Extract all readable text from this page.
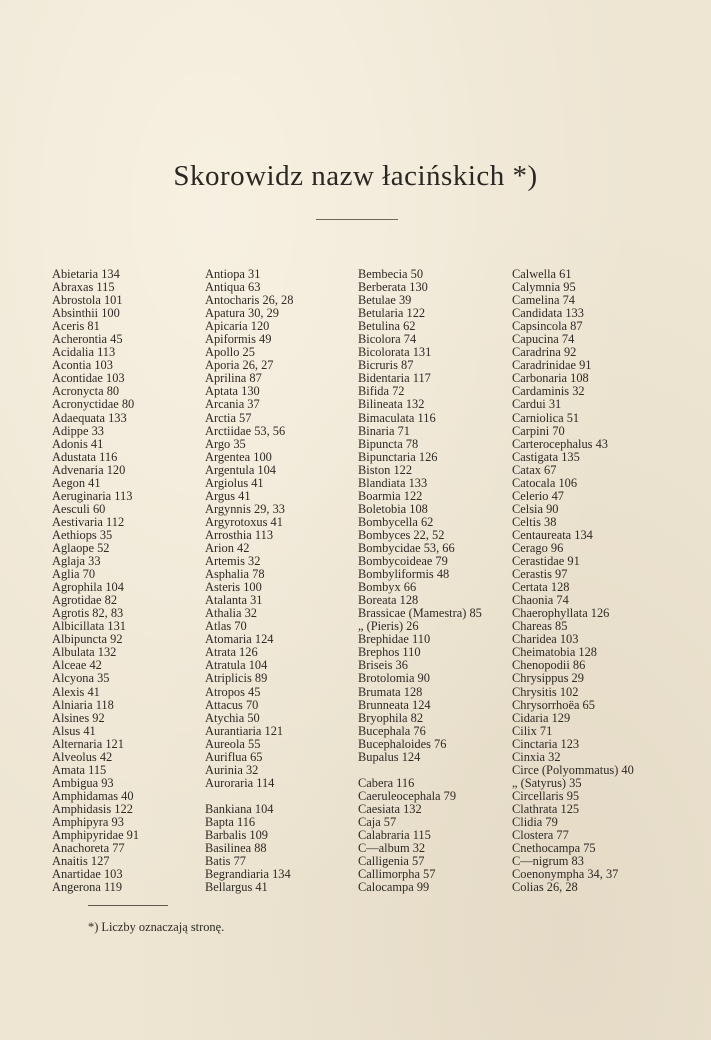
Skorowidz nazw łacińskich *)
Abietaria 134
Abraxas 115
Abrostola 101
Absinthii 100
Aceris 81
Acherontia 45
Acidalia 113
Acontia 103
Acontidae 103
Acronycta 80
Acronyctidae 80
Adaequata 133
Adippe 33
Adonis 41
Adustata 116
Advenaria 120
Aegon 41
Aeruginaria 113
Aesculi 60
Aestivaria 112
Aethiops 35
Aglaope 52
Aglaja 33
Aglia 70
Agrophila 104
Agrotidae 82
Agrotis 82, 83
Albicillata 131
Albipuncta 92
Albulata 132
Alceae 42
Alcyona 35
Alexis 41
Alniaria 118
Alsines 92
Alsus 41
Alternaria 121
Alveolus 42
Amata 115
Ambigua 93
Amphidamas 40
Amphidasis 122
Amphipyra 93
Amphipyridae 91
Anachoreta 77
Anaitis 127
Anartidae 103
Angerona 119
Antiopa 31
Antiqua 63
Antocharis 26, 28
Apatura 30, 29
Apicaria 120
Apiformis 49
Apollo 25
Aporia 26, 27
Aprilina 87
Aptata 130
Arcania 37
Arctia 57
Arctiidae 53, 56
Argo 35
Argentea 100
Argentula 104
Argiolus 41
Argus 41
Argynnis 29, 33
Argyrotoxus 41
Arrosthia 113
Arion 42
Artemis 32
Asphalia 78
Asteris 100
Atalanta 31
Athalia 32
Atlas 70
Atomaria 124
Atrata 126
Atratula 104
Atriplicis 89
Atropos 45
Attacus 70
Atychia 50
Aurantiaria 121
Aureola 55
Auriflua 65
Aurinia 32
Auroraria 114
Bankiana 104
Bapta 116
Barbalis 109
Basilinea 88
Batis 77
Begrandiaria 134
Bellargus 41
Bembecia 50
Berberata 130
Betulae 39
Betularia 122
Betulina 62
Bicolora 74
Bicolorata 131
Bicruris 87
Bidentaria 117
Bifida 72
Bilineata 132
Bimaculata 116
Binaria 71
Bipuncta 78
Bipunctaria 126
Biston 122
Blandiata 133
Boarmia 122
Boletobia 108
Bombycella 62
Bombyces 22, 52
Bombycidae 53, 66
Bombycoideae 79
Bombyliformis 48
Bombyx 66
Boreata 128
Brassicae (Mamestra) 85
„ (Pieris) 26
Brephidae 110
Brephos 110
Briseis 36
Brotolomia 90
Brumata 128
Brunneata 124
Bryophila 82
Bucephala 76
Bucephaloides 76
Bupalus 124
Cabera 116
Caeruleocephala 79
Caesiata 132
Caja 57
Calabraria 115
C—album 32
Calligenia 57
Callimorpha 57
Calocampa 99
Calwella 61
Calymnia 95
Camelina 74
Candidata 133
Capsincola 87
Capucina 74
Caradrina 92
Caradrinidae 91
Carbonaria 108
Cardaminis 32
Cardui 31
Carniolica 51
Carpini 70
Carterocephalus 43
Castigata 135
Catax 67
Catocala 106
Celerio 47
Celsia 90
Celtis 38
Centaureata 134
Cerago 96
Cerastidae 91
Cerastis 97
Certata 128
Chaonia 74
Chaerophyllata 126
Chareas 85
Charidea 103
Cheimatobia 128
Chenopodii 86
Chrysippus 29
Chrysitis 102
Chrysorrhoëa 65
Cidaria 129
Cilix 71
Cinctaria 123
Cinxia 32
Circe (Polyommatus) 40
„ (Satyrus) 35
Circellaris 95
Clathrata 125
Clidia 79
Clostera 77
Cnethocampa 75
C—nigrum 83
Coenonympha 34, 37
Colias 26, 28
*) Liczby oznaczają stronę.
